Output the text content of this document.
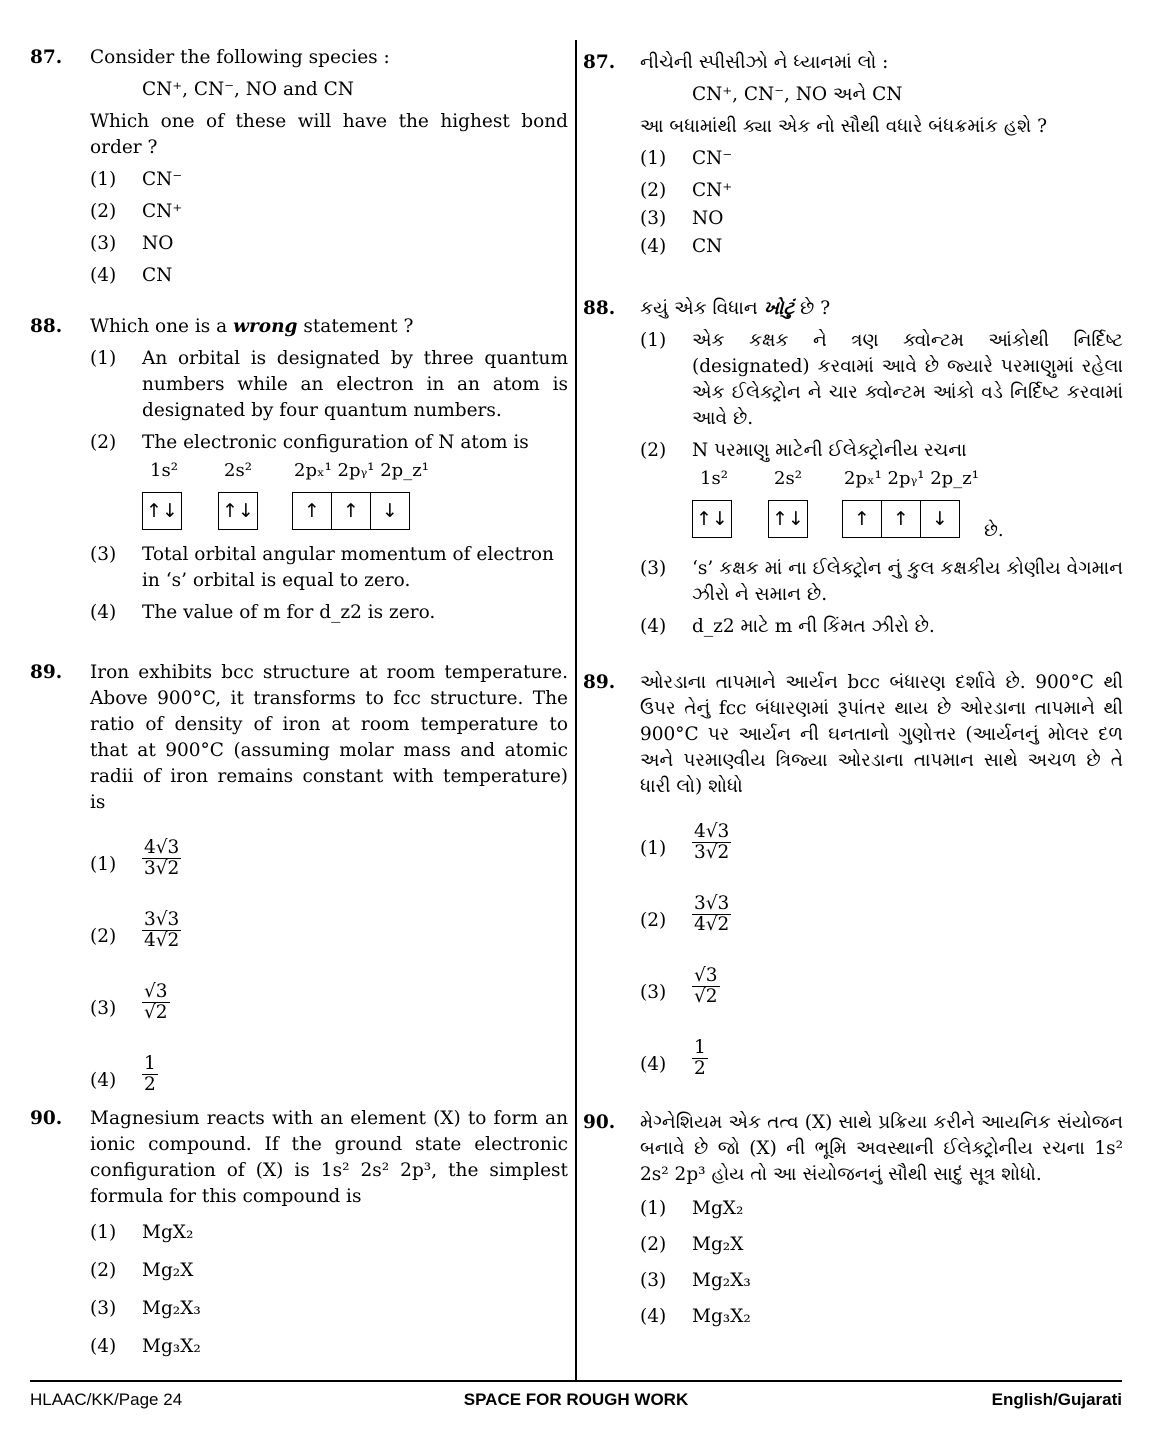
87.	Consider the following species :
CN⁺, CN⁻, NO and CN
Which one of these will have the highest bond order ?
(1) CN⁻
(2) CN⁺
(3) NO
(4) CN
88.	Which one is a wrong statement ?
(1) An orbital is designated by three quantum numbers while an electron in an atom is designated by four quantum numbers.
(2) The electronic configuration of N atom is
1s²	2s² 2pₓ¹ 2pᵧ¹ 2p_z¹
↑↓ ↑↓	↑	↑	↓
(3) Total orbital angular momentum of electron in ‘s’ orbital is equal to zero.
(4) The value of m for d_z2 is zero.
89.	Iron exhibits bcc structure at room temperature. Above 900°C, it transforms to fcc structure. The ratio of density of iron at room temperature to that at 900°C (assuming molar mass and atomic radii of iron remains constant with temperature) is
$(1) \frac{4√3}{3√2}$
$(2) \frac{3√3}{4√2}$
$(3) \frac{√3}{√2}$
$(4) \frac{1}{2}$
90.	Magnesium reacts with an element (X) to form an ionic compound. If the ground state electronic configuration of (X) is 1s² 2s² 2p³, the simplest formula for this compound is
(1) MgX₂
(2) Mg₂X
(3) Mg₂X₃
(4) Mg₃X₂
87.	નીચેની સ્પીસીઝો ને ધ્યાનમાં લો :
CN⁺, CN⁻, NO અને CN
આ બધામાંથી ક્યા એક નો સૌથી વધારે બંધક્રમાંક હશે ?
(1) CN⁻
(2) CN⁺
(3) NO
(4) CN
88.	કયું એક વિધાન ખોટું છે ?
(1) એક કક્ષક ને ત્રણ ક્વોન્ટમ આંકોથી નિર્દિષ્ટ (designated) કરવામાં આવે છે જ્યારે પરમાણુમાં રહેલા એક ઈલેક્ટ્રોન ને ચાર ક્વોન્ટમ આંકો વડે નિર્દિષ્ટ કરવામાં આવે છે.
(2) N પરમાણુ માટેની ઈલેક્ટ્રોનીય રચના
1s²	2s² 2pₓ¹ 2pᵧ¹ 2p_z¹
↑↓ ↑↓	↑	↑	↓
છે.
(3) ‘s’ કક્ષક માં ના ઈલેક્ટ્રોન નું કુલ કક્ષકીય કોણીય વેગમાન ઝીરો ને સમાન છે.
(4) d_z2 માટે m ની કિંમત ઝીરો છે.
89.	ઓરડાના તાપમાને આર્યન bcc બંધારણ દર્શાવે છે. 900°C થી ઉપર તેનું fcc બંધારણમાં રૂપાંતર થાય છે ઓરડાના તાપમાને થી 900°C પર આર્યન ની ઘનતાનો ગુણોત્તર (આર્યનનું મોલર દળ અને પરમાણ્વીય ત્રિજ્યા ઓરડાના તાપમાન સાથે અચળ છે તે ધારી લો) શોધો
$(1) \frac{4√3}{3√2}$
$(2) \frac{3√3}{4√2}$
$(3) \frac{√3}{√2}$
$(4) \frac{1}{2}$
90.	મેગ્નેશિયમ એક તત્વ (X) સાથે પ્રક્રિયા કરીને આયનિક સંયોજન બનાવે છે જો (X) ની ભૂમિ અવસ્થાની ઈલેક્ટ્રોનીય રચના 1s² 2s² 2p³ હોય તો આ સંયોજનનું સૌથી સાદું સૂત્ર શોધો.
(1) MgX₂
(2) Mg₂X
(3) Mg₂X₃
(4) Mg₃X₂
HLAAC/KK/Page 24	SPACE FOR ROUGH WORK	English/Gujarati
